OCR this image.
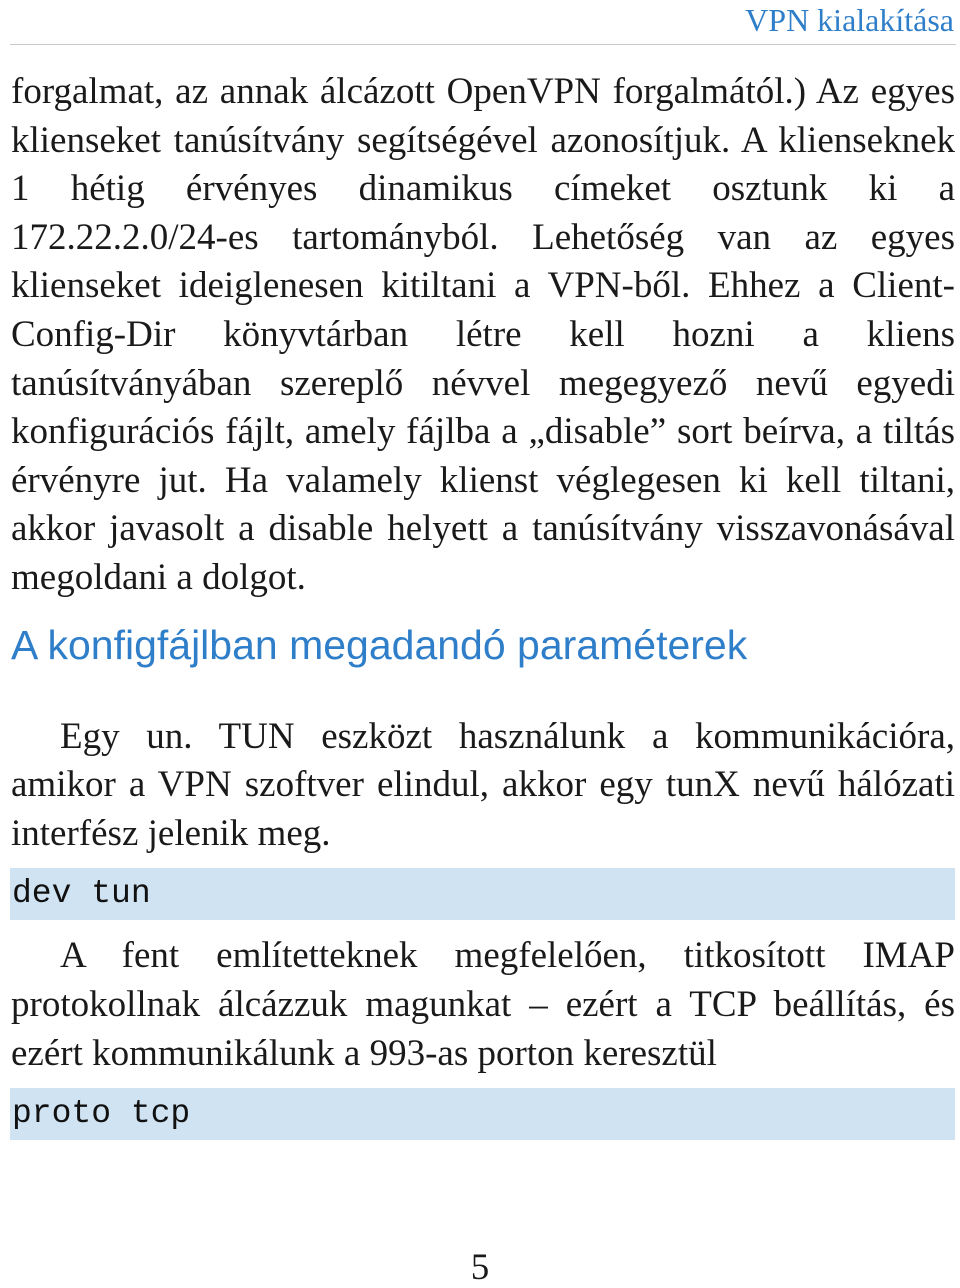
VPN kialakítása

forgalmat, az annak álcázott OpenVPN forgalmától.) Az egyes klienseket tanúsítvány segítségével azonosítjuk. A klienseknek 1 hétig érvényes dinamikus címeket osztunk ki a 172.22.2.0/24-es tartományból. Lehetőség van az egyes klienseket ideiglenesen kitiltani a VPN-​ből. Ehhez a Client-Config-Dir könyvtárban létre kell hozni a kliens tanúsítványában szereplő névvel megegyező nevű egyedi konfigurációs fájlt, amely fájlba a „disable” sort beírva, a tiltás érvényre jut. Ha valamely klienst véglegesen ki kell tiltani, akkor javasolt a disable helyett a tanúsítvány visszavonásával megoldani a dolgot.

A konfigfájlban megadandó paraméterek

Egy un. TUN eszközt használunk a kommunikációra, amikor a VPN szoftver elindul, akkor egy tunX nevű hálózati interfész jelenik meg.

dev tun

A fent említetteknek megfelelően, titkosított IMAP protokollnak álcázzuk magunkat – ezért a TCP beállítás, és ezért kommunikálunk a 993-as porton keresztül

proto tcp
5
